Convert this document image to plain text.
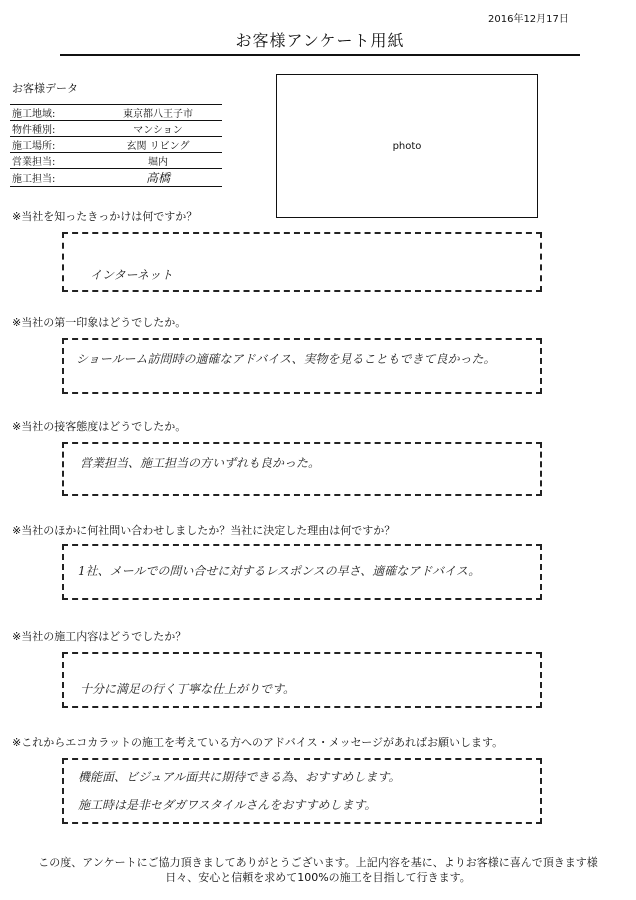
2016年12月17日
お客様アンケート用紙
お客様データ
施工地域:	東京都八王子市
物件種別:	マンション
施工場所:	玄関 リビング
営業担当:	堀内
施工担当:	高橋
photo
※当社を知ったきっかけは何ですか？
インターネット
※当社の第一印象はどうでしたか。
ショールーム訪問時の適確なアドバイス、実物を見ることもできて良かった。
※当社の接客態度はどうでしたか。
営業担当、施工担当の方いずれも良かった。
※当社のほかに何社問い合わせしましたか？当社に決定した理由は何ですか？
1社、メールでの問い合せに対するレスポンスの早さ、適確なアドバイス。
※当社の施工内容はどうでしたか？
十分に満足の行く丁寧な仕上がりです。
※これからエコカラットの施工を考えている方へのアドバイス・メッセージがあればお願いします。
機能面、ビジュアル面共に期待できる為、おすすめします。
施工時は是非セダガワスタイルさんをおすすめします。
この度、アンケートにご協力頂きましてありがとうございます。上記内容を基に、よりお客様に喜んで頂きます様
日々、安心と信頼を求めて100%の施工を目指して行きます。
